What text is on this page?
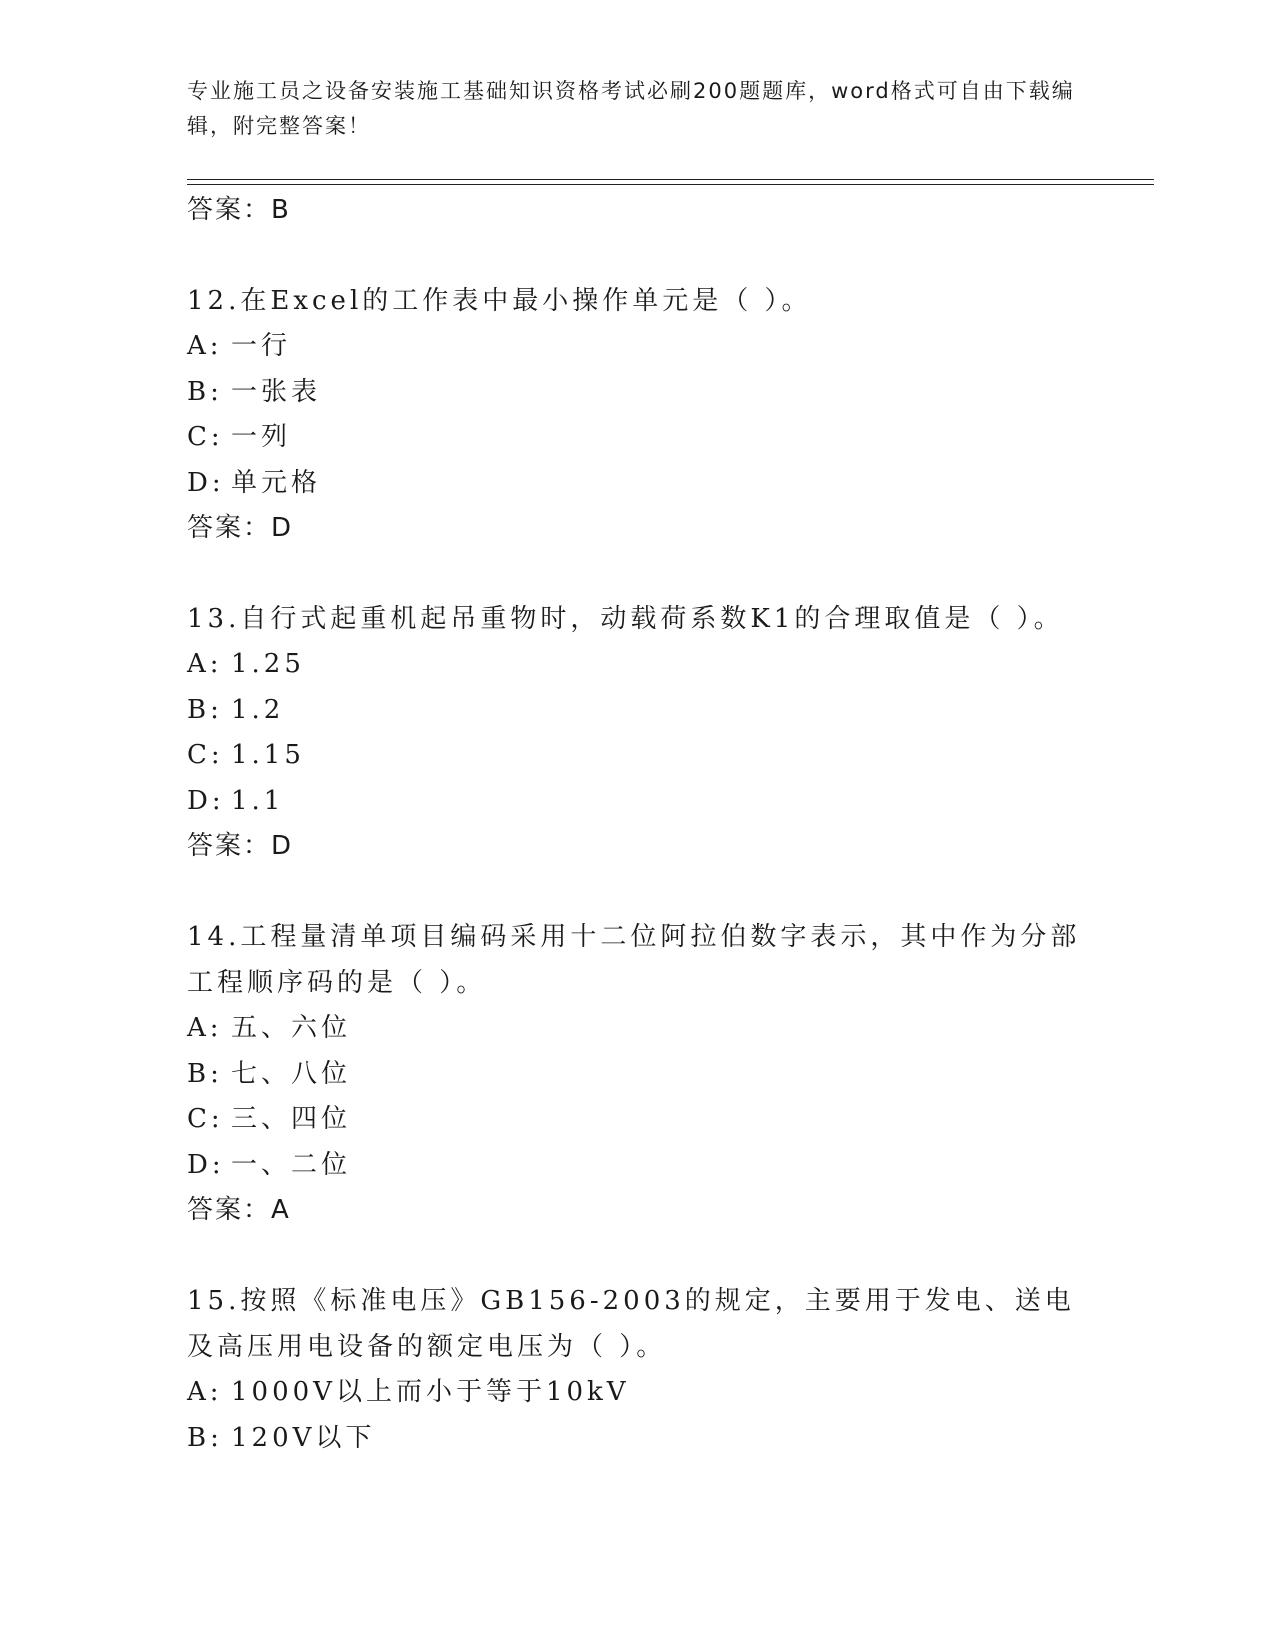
专业施工员之设备安装施工基础知识资格考试必刷200题题库，word格式可自由下载编辑，附完整答案！

答案：B

12.在Excel的工作表中最小操作单元是（ ）。

A: 一行

B: 一张表

C: 一列

D: 单元格

答案：D

13.自行式起重机起吊重物时，动载荷系数K1的合理取值是（ ）。

A: 1.25

B: 1.2

C: 1.15

D: 1.1

答案：D

14.工程量清单项目编码采用十二位阿拉伯数字表示，其中作为分部工程顺序码的是（ ）。

A: 五、六位

B: 七、八位

C: 三、四位

D: 一、二位

答案：A

15.按照《标准电压》GB156-2003的规定，主要用于发电、送电及高压用电设备的额定电压为（ ）。

A: 1000V以上而小于等于10kV

B: 120V以下
